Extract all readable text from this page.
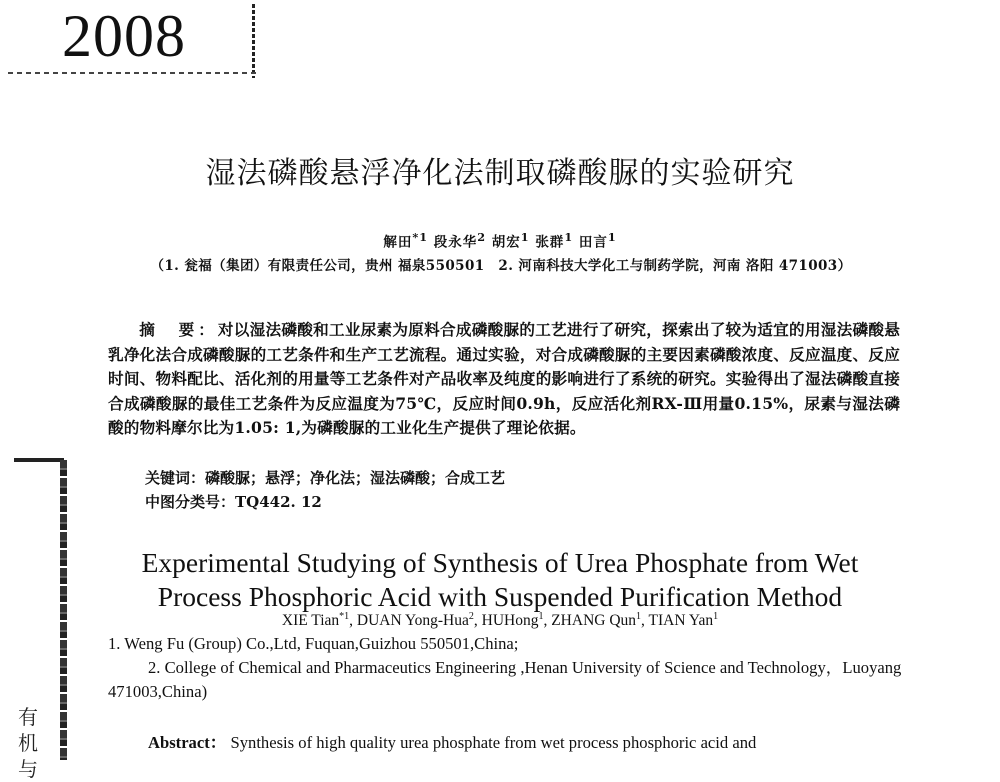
2008
有机与
湿法磷酸悬浮净化法制取磷酸脲的实验研究
解田$^{*1}$ 段永华$^2$ 胡宏$^1$ 张群$^1$ 田言$^1$
（1. 瓮福（集团）有限责任公司，贵州 福泉550501　2. 河南科技大学化工与制药学院，河南 洛阳 471003）
摘　要：对以湿法磷酸和工业尿素为原料合成磷酸脲的工艺进行了研究，探索出了较为适宜的用湿法磷酸悬乳净化法合成磷酸脲的工艺条件和生产工艺流程。通过实验，对合成磷酸脲的主要因素磷酸浓度、反应温度、反应时间、物料配比、活化剂的用量等工艺条件对产品收率及纯度的影响进行了系统的研究。实验得出了湿法磷酸直接合成磷酸脲的最佳工艺条件为反应温度为75℃，反应时间0.9h，反应活化剂RX-Ⅲ用量0.15%，尿素与湿法磷酸的物料摩尔比为1.05: 1,为磷酸脲的工业化生产提供了理论依据。
关键词：磷酸脲；悬浮；净化法；湿法磷酸；合成工艺
中图分类号：TQ442. 12
Experimental Studying of Synthesis of Urea Phosphate from Wet
Process Phosphoric Acid with Suspended Purification Method
XIE Tian$^{*1}$, DUAN Yong-Hua$^2$, HUHong$^1$, ZHANG Qun$^1$, TIAN Yan$^1$
1. Weng Fu (Group) Co.,Ltd, Fuquan,Guizhou 550501,China;
2. College of Chemical and Pharmaceutics Engineering ,Henan University of Science and Technology，Luoyang 471003,China)
Abstract： Synthesis of high quality urea phosphate from wet process phosphoric acid and
